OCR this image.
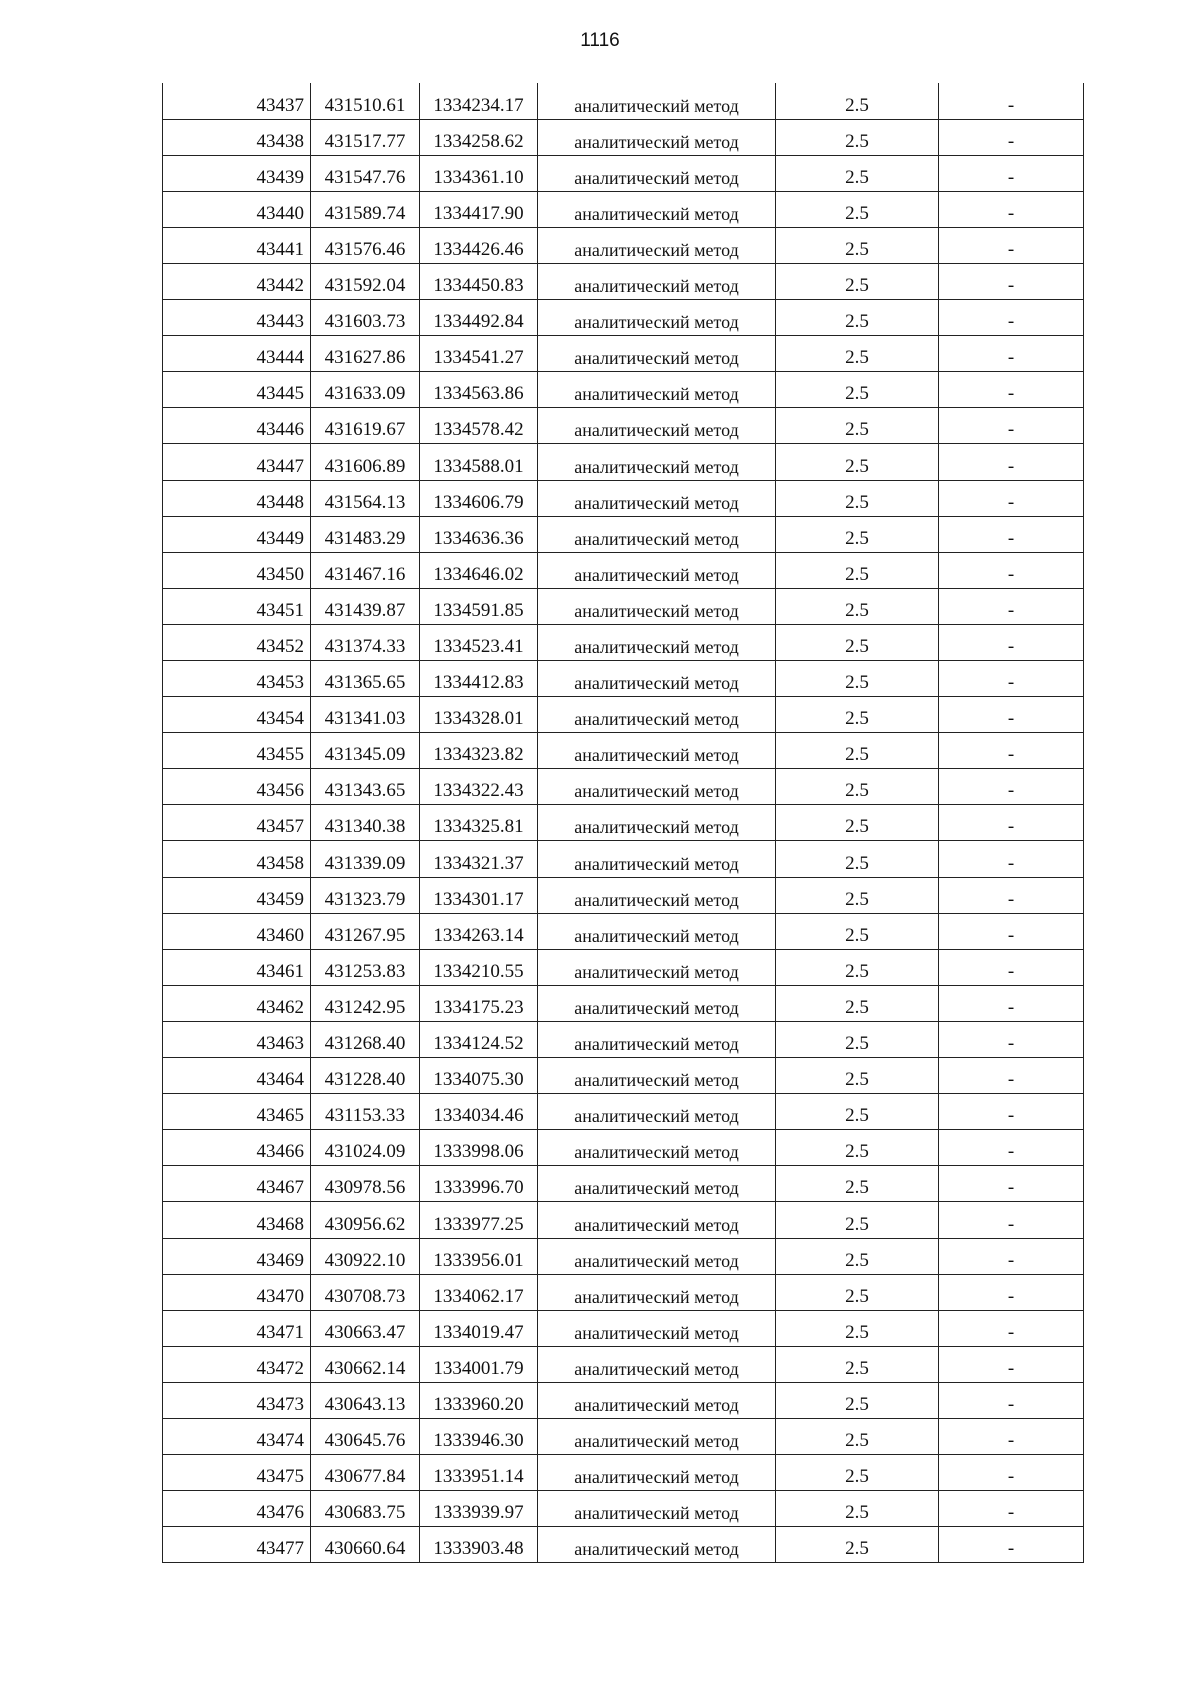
1116
43437	431510.61	1334234.17	аналитический метод	2.5	-
43438	431517.77	1334258.62	аналитический метод	2.5	-
43439	431547.76	1334361.10	аналитический метод	2.5	-
43440	431589.74	1334417.90	аналитический метод	2.5	-
43441	431576.46	1334426.46	аналитический метод	2.5	-
43442	431592.04	1334450.83	аналитический метод	2.5	-
43443	431603.73	1334492.84	аналитический метод	2.5	-
43444	431627.86	1334541.27	аналитический метод	2.5	-
43445	431633.09	1334563.86	аналитический метод	2.5	-
43446	431619.67	1334578.42	аналитический метод	2.5	-
43447	431606.89	1334588.01	аналитический метод	2.5	-
43448	431564.13	1334606.79	аналитический метод	2.5	-
43449	431483.29	1334636.36	аналитический метод	2.5	-
43450	431467.16	1334646.02	аналитический метод	2.5	-
43451	431439.87	1334591.85	аналитический метод	2.5	-
43452	431374.33	1334523.41	аналитический метод	2.5	-
43453	431365.65	1334412.83	аналитический метод	2.5	-
43454	431341.03	1334328.01	аналитический метод	2.5	-
43455	431345.09	1334323.82	аналитический метод	2.5	-
43456	431343.65	1334322.43	аналитический метод	2.5	-
43457	431340.38	1334325.81	аналитический метод	2.5	-
43458	431339.09	1334321.37	аналитический метод	2.5	-
43459	431323.79	1334301.17	аналитический метод	2.5	-
43460	431267.95	1334263.14	аналитический метод	2.5	-
43461	431253.83	1334210.55	аналитический метод	2.5	-
43462	431242.95	1334175.23	аналитический метод	2.5	-
43463	431268.40	1334124.52	аналитический метод	2.5	-
43464	431228.40	1334075.30	аналитический метод	2.5	-
43465	431153.33	1334034.46	аналитический метод	2.5	-
43466	431024.09	1333998.06	аналитический метод	2.5	-
43467	430978.56	1333996.70	аналитический метод	2.5	-
43468	430956.62	1333977.25	аналитический метод	2.5	-
43469	430922.10	1333956.01	аналитический метод	2.5	-
43470	430708.73	1334062.17	аналитический метод	2.5	-
43471	430663.47	1334019.47	аналитический метод	2.5	-
43472	430662.14	1334001.79	аналитический метод	2.5	-
43473	430643.13	1333960.20	аналитический метод	2.5	-
43474	430645.76	1333946.30	аналитический метод	2.5	-
43475	430677.84	1333951.14	аналитический метод	2.5	-
43476	430683.75	1333939.97	аналитический метод	2.5	-
43477	430660.64	1333903.48	аналитический метод	2.5	-
